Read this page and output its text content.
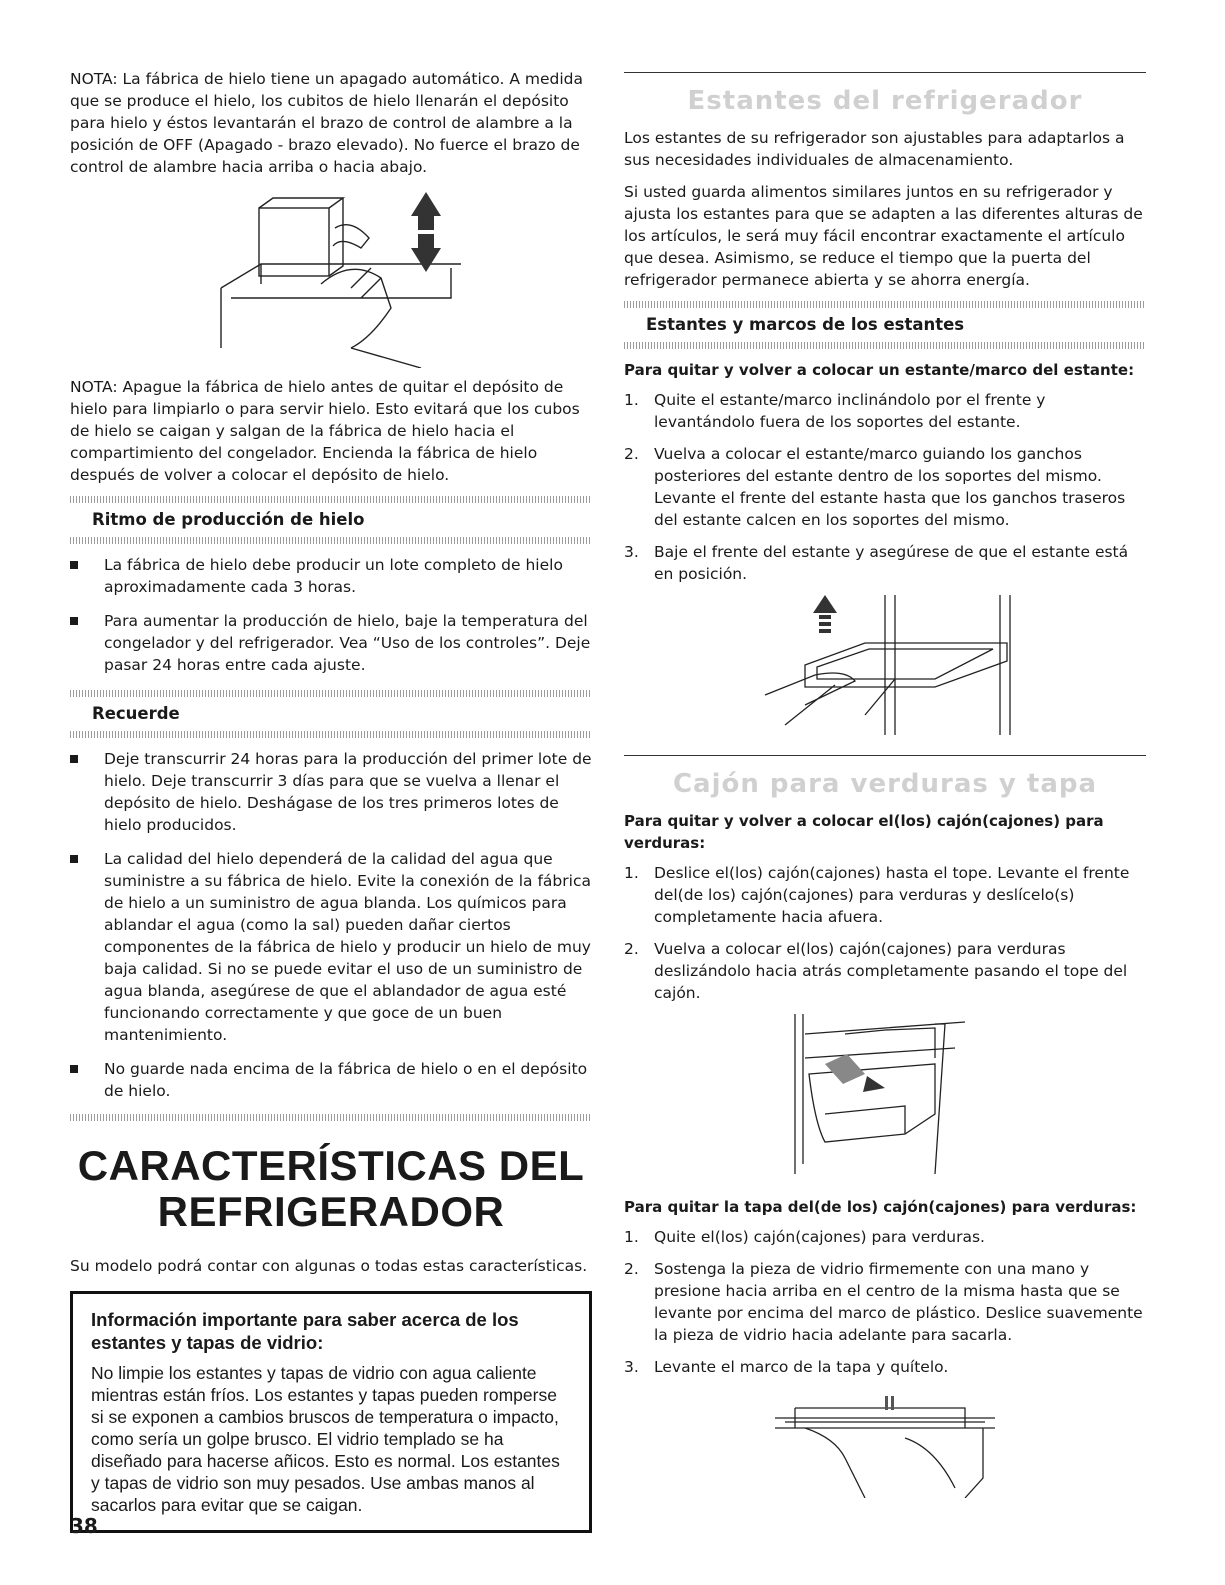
NOTA: La fábrica de hielo tiene un apagado automático. A medida que se produce el hielo, los cubitos de hielo llenarán el depósito para hielo y éstos levantarán el brazo de control de alambre a la posición de OFF (Apagado - brazo elevado). No fuerce el brazo de control de alambre hacia arriba o hacia abajo.

NOTA: Apague la fábrica de hielo antes de quitar el depósito de hielo para limpiarlo o para servir hielo. Esto evitará que los cubos de hielo se caigan y salgan de la fábrica de hielo hacia el compartimiento del congelador. Encienda la fábrica de hielo después de volver a colocar el depósito de hielo.

Ritmo de producción de hielo
La fábrica de hielo debe producir un lote completo de hielo aproximadamente cada 3 horas.
Para aumentar la producción de hielo, baje la temperatura del congelador y del refrigerador. Vea “Uso de los controles”. Deje pasar 24 horas entre cada ajuste.
Recuerde
Deje transcurrir 24 horas para la producción del primer lote de hielo. Deje transcurrir 3 días para que se vuelva a llenar el depósito de hielo. Deshágase de los tres primeros lotes de hielo producidos.
La calidad del hielo dependerá de la calidad del agua que suministre a su fábrica de hielo. Evite la conexión de la fábrica de hielo a un suministro de agua blanda. Los químicos para ablandar el agua (como la sal) pueden dañar ciertos componentes de la fábrica de hielo y producir un hielo de muy baja calidad. Si no se puede evitar el uso de un suministro de agua blanda, asegúrese de que el ablandador de agua esté funcionando correctamente y que goce de un buen mantenimiento.
No guarde nada encima de la fábrica de hielo o en el depósito de hielo.
CARACTERÍSTICAS DEL
REFRIGERADOR

Su modelo podrá contar con algunas o todas estas características.

Información importante para saber acerca de los estantes y tapas de vidrio:
No limpie los estantes y tapas de vidrio con agua caliente mientras están fríos. Los estantes y tapas pueden romperse si se exponen a cambios bruscos de temperatura o impacto, como sería un golpe brusco. El vidrio templado se ha diseñado para hacerse añicos. Esto es normal. Los estantes y tapas de vidrio son muy pesados. Use ambas manos al sacarlos para evitar que se caigan.
Estantes del refrigerador

Los estantes de su refrigerador son ajustables para adaptarlos a sus necesidades individuales de almacenamiento.

Si usted guarda alimentos similares juntos en su refrigerador y ajusta los estantes para que se adapten a las diferentes alturas de los artículos, le será muy fácil encontrar exactamente el artículo que desea. Asimismo, se reduce el tiempo que la puerta del refrigerador permanece abierta y se ahorra energía.

Estantes y marcos de los estantes
Para quitar y volver a colocar un estante/marco del estante:
1. Quite el estante/marco inclinándolo por el frente y levantándolo fuera de los soportes del estante.
2. Vuelva a colocar el estante/marco guiando los ganchos posteriores del estante dentro de los soportes del mismo. Levante el frente del estante hasta que los ganchos traseros del estante calcen en los soportes del mismo.
3. Baje el frente del estante y asegúrese de que el estante está en posición.
Cajón para verduras y tapa
Para quitar y volver a colocar el(los) cajón(cajones) para verduras:
1. Deslice el(los) cajón(cajones) hasta el tope. Levante el frente del(de los) cajón(cajones) para verduras y deslícelo(s) completamente hacia afuera.
2. Vuelva a colocar el(los) cajón(cajones) para verduras deslizándolo hacia atrás completamente pasando el tope del cajón.
Para quitar la tapa del(de los) cajón(cajones) para verduras:
1. Quite el(los) cajón(cajones) para verduras.
2. Sostenga la pieza de vidrio firmemente con una mano y presione hacia arriba en el centro de la misma hasta que se levante por encima del marco de plástico. Deslice suavemente la pieza de vidrio hacia adelante para sacarla.
3. Levante el marco de la tapa y quítelo.
38
